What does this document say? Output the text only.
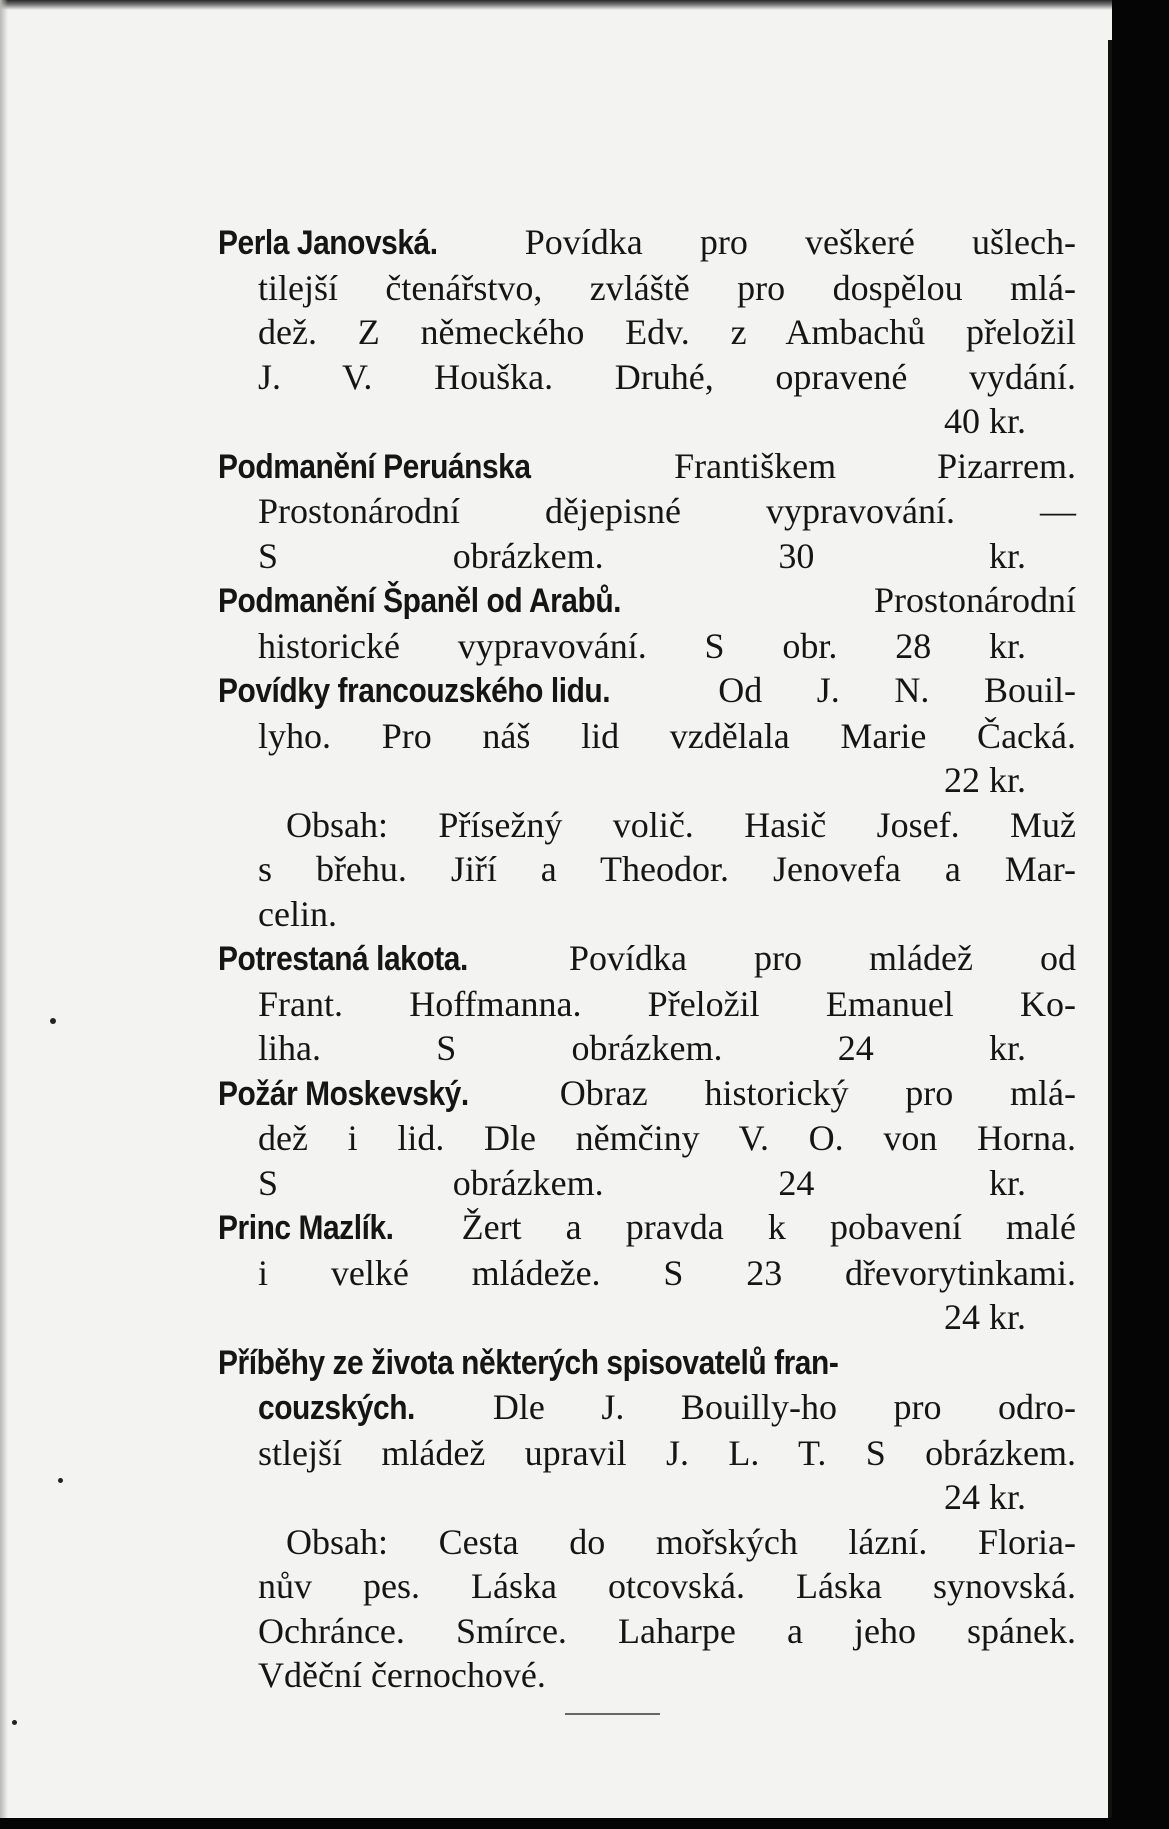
Perla Janovská. Povídka pro veškeré ušlech-
tilejší čtenářstvo, zvláště pro dospělou mlá-
dež. Z německého Edv. z Ambachů přeložil
J. V. Houška. Druhé, opravené vydání.
40 kr.
Podmanění Peruánska	Františkem Pizarrem.
Prostonárodní dějepisné vypravování. —
S obrázkem.	30 kr.
Podmanění Španěl od Arabů.	Prostonárodní
historické vypravování. S obr. 28 kr.
Povídky francouzského lidu.	Od J. N. Bouil-
lyho. Pro náš lid vzdělala Marie Čacká.
22 kr.
Obsah: Přísežný volič. Hasič Josef. Muž
s břehu. Jiří a Theodor. Jenovefa a Mar-
celin.
Potrestaná lakota.	Povídka pro mládež od
Frant. Hoffmanna. Přeložil Emanuel Ko-
liha. S obrázkem.	24 kr.
Požár Moskevský.	Obraz historický pro mlá-
dež i lid. Dle němčiny V. O. von Horna.
S obrázkem.	24 kr.
Princ Mazlík. Žert a pravda k pobavení malé
i velké mládeže. S 23 dřevorytinkami.
24 kr.
Příběhy ze života některých spisovatelů fran-
couzských. Dle J. Bouilly-ho pro odro-
stlejší mládež upravil J. L. T. S obrázkem.
24 kr.
Obsah: Cesta do mořských lázní. Floria-
nův pes. Láska otcovská. Láska synovská.
Ochránce. Smírce. Laharpe a jeho spánek.
Vděční černochové.
